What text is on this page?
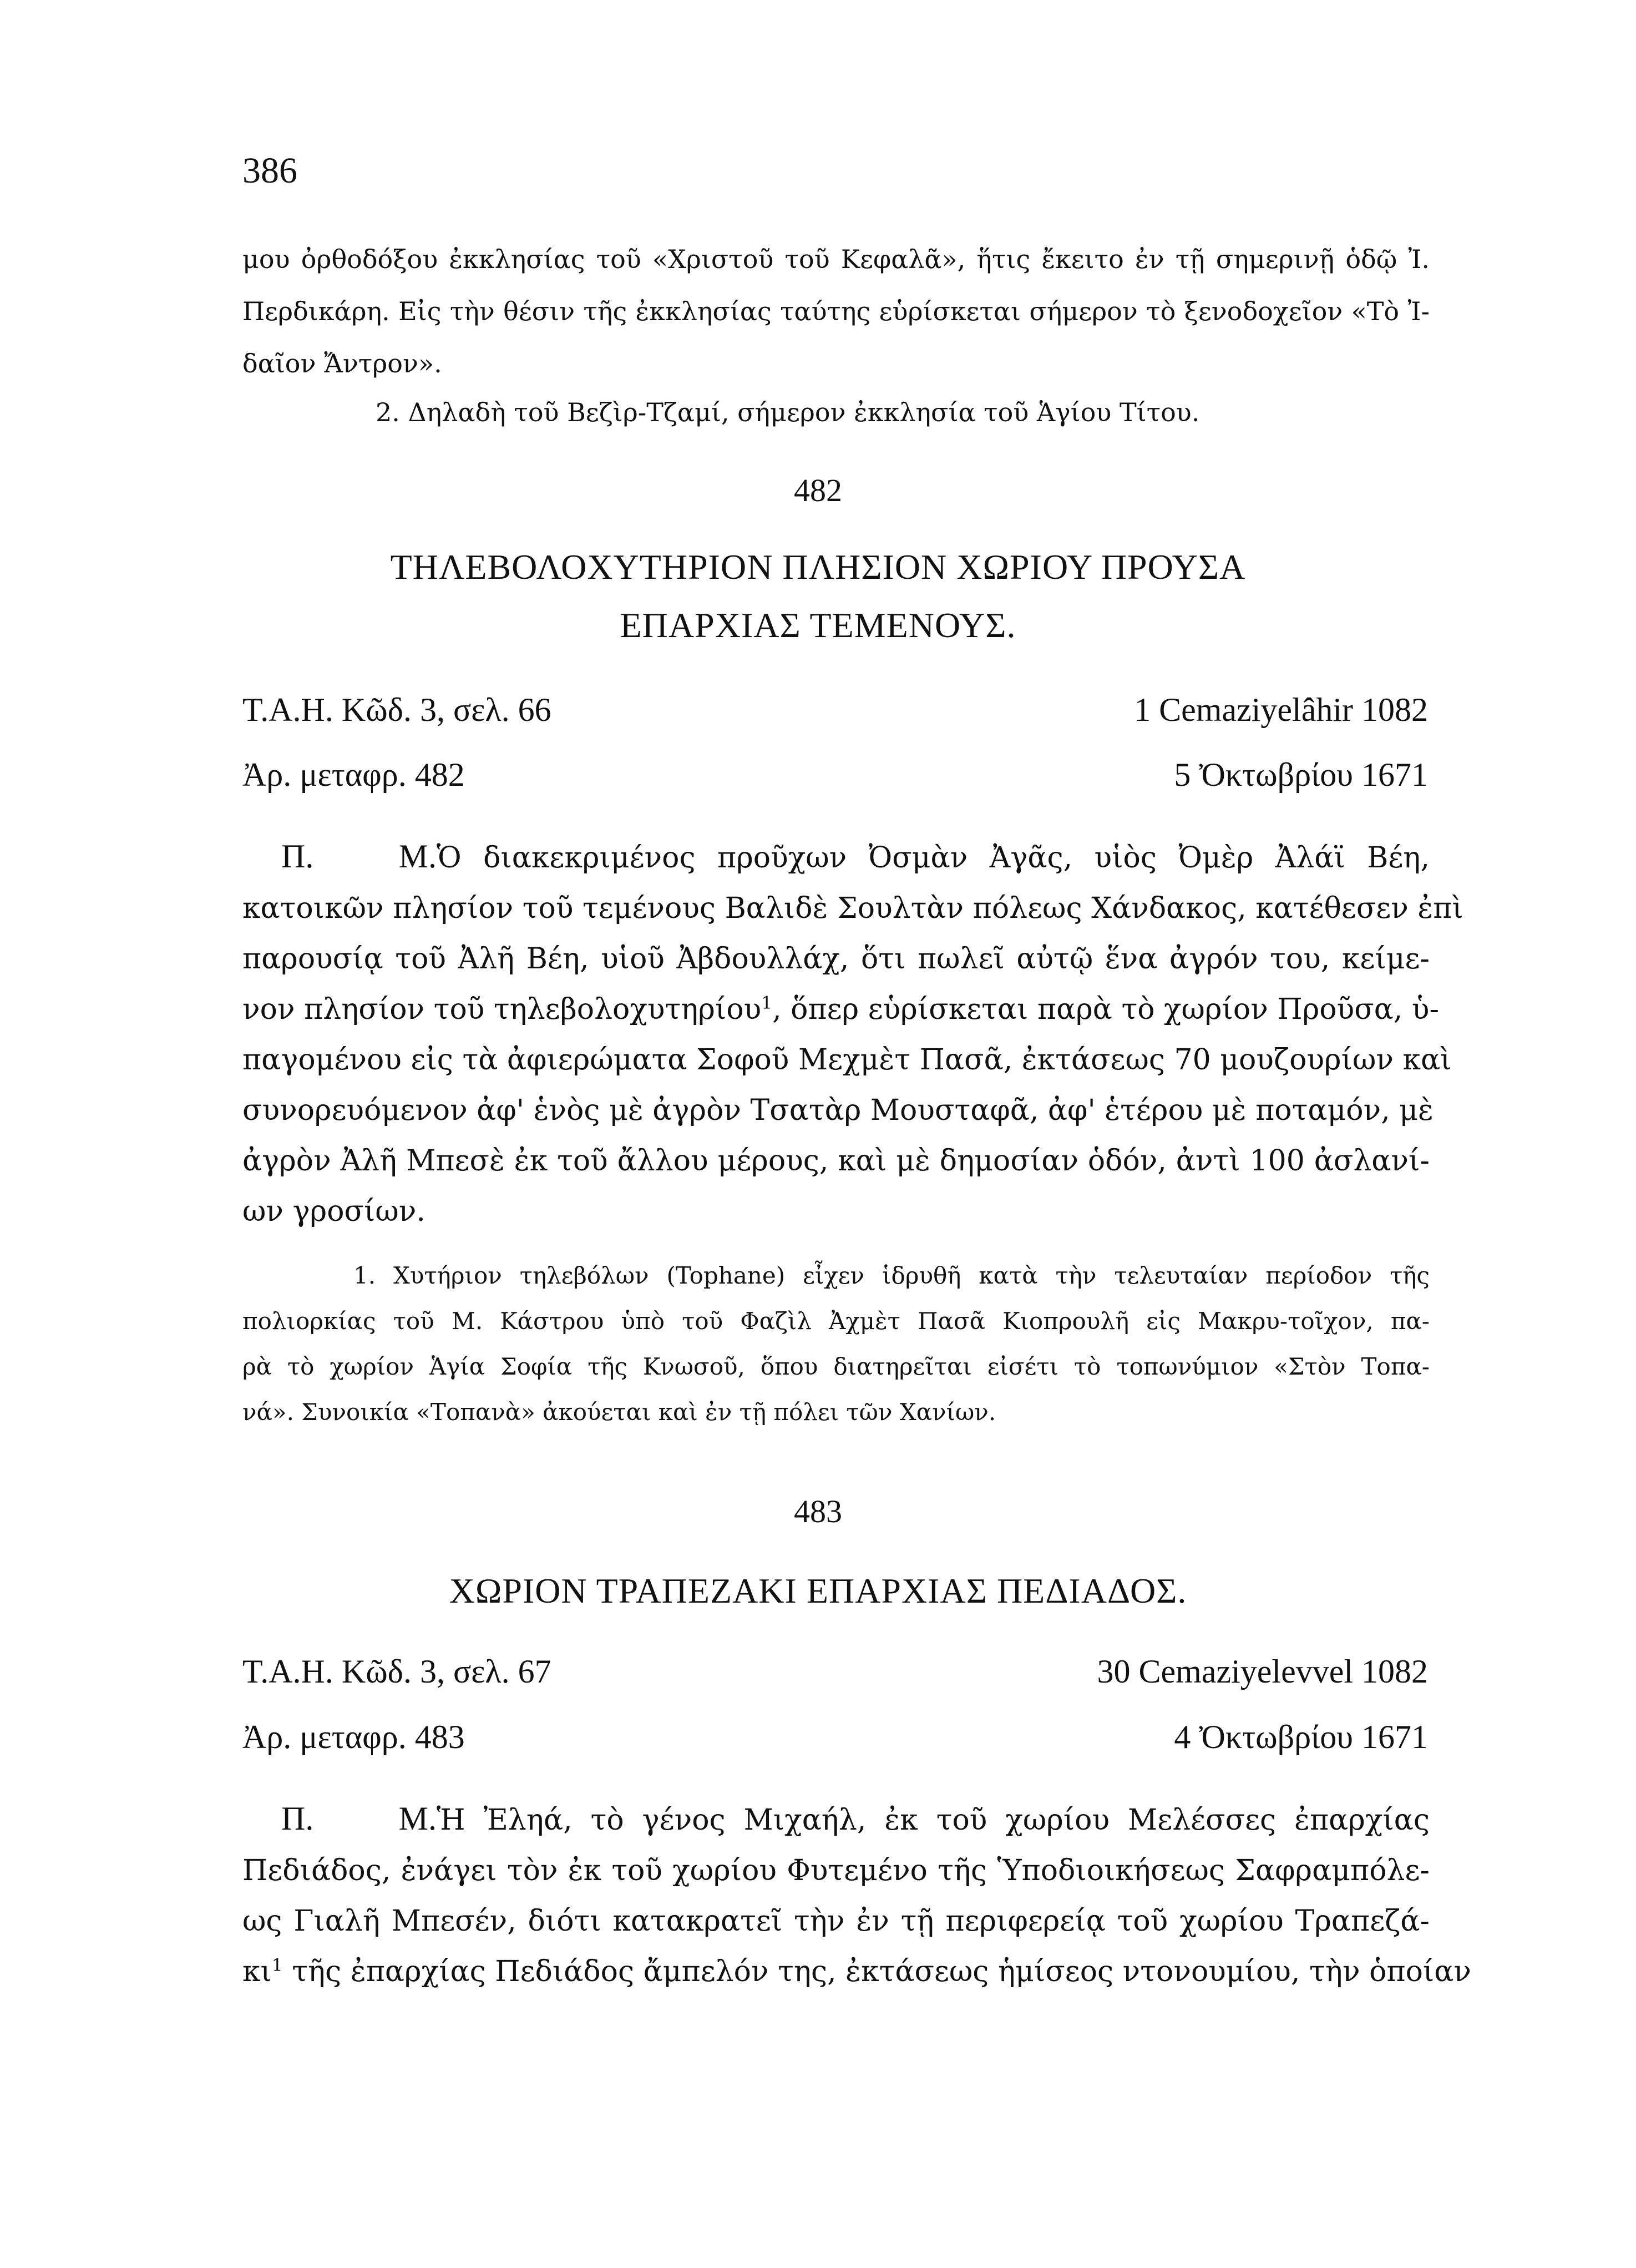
386
μου ὀρθοδόξου ἐκκλησίας τοῦ «Χριστοῦ τοῦ Κεφαλᾶ», ἥτις ἔκειτο ἐν τῇ σημερινῇ ὁδῷ Ἰ.
Περδικάρη. Εἰς τὴν θέσιν τῆς ἐκκλησίας ταύτης εὑρίσκεται σήμερον τὸ ξενοδοχεῖον «Τὸ Ἰ-
δαῖον Ἄντρον».
2. Δηλαδὴ τοῦ Βεζὶρ-Τζαμί, σήμερον ἐκκλησία τοῦ Ἁγίου Τίτου.
482
ΤΗΛΕΒΟΛΟΧΥΤΗΡΙΟΝ ΠΛΗΣΙΟΝ ΧΩΡΙΟΥ ΠΡΟΥΣΑ
ΕΠΑΡΧΙΑΣ ΤΕΜΕΝΟΥΣ.
Τ.Α.Η. Κῶδ. 3, σελ. 66	1 Cemaziyelâhir 1082
Ἀρ. μεταφρ. 482	5 Ὀκτωβρίου 1671
Π. Μ.Ὁ διακεκριμένος προῦχων Ὀσμὰν Ἀγᾶς, υἱὸς Ὀμὲρ Ἀλάϊ Βέη,
κατοικῶν πλησίον τοῦ τεμένους Βαλιδὲ Σουλτὰν πόλεως Χάνδακος, κατέθεσεν ἐπὶ
παρουσίᾳ τοῦ Ἀλῆ Βέη, υἱοῦ Ἀβδουλλάχ, ὅτι πωλεῖ αὐτῷ ἕνα ἀγρόν του, κείμε-
νον πλησίον τοῦ τηλεβολοχυτηρίου$^1$, ὅπερ εὑρίσκεται παρὰ τὸ χωρίον Προῦσα, ὑ-
παγομένου εἰς τὰ ἀφιερώματα Σοφοῦ Μεχμὲτ Πασᾶ, ἐκτάσεως 70 μουζουρίων καὶ
συνορευόμενον ἀφ' ἑνὸς μὲ ἀγρὸν Τσατὰρ Μουσταφᾶ, ἀφ' ἑτέρου μὲ ποταμόν, μὲ
ἀγρὸν Ἀλῆ Μπεσὲ ἐκ τοῦ ἄλλου μέρους, καὶ μὲ δημοσίαν ὁδόν, ἀντὶ 100 ἀσλανί-
ων γροσίων.
1. Χυτήριον τηλεβόλων (Tophane) εἶχεν ἱδρυθῆ κατὰ τὴν τελευταίαν περίοδον τῆς
πολιορκίας τοῦ Μ. Κάστρου ὑπὸ τοῦ Φαζὶλ Ἀχμὲτ Πασᾶ Κιοπρουλῆ εἰς Μακρυ-τοῖχον, πα-
ρὰ τὸ χωρίον Ἁγία Σοφία τῆς Κνωσοῦ, ὅπου διατηρεῖται εἰσέτι τὸ τοπωνύμιον «Στὸν Τοπα-
νά». Συνοικία «Τοπανὰ» ἀκούεται καὶ ἐν τῇ πόλει τῶν Χανίων.
483
ΧΩΡΙΟΝ ΤΡΑΠΕΖΑΚΙ ΕΠΑΡΧΙΑΣ ΠΕΔΙΑΔΟΣ.
Τ.Α.Η. Κῶδ. 3, σελ. 67	30 Cemaziyelevvel 1082
Ἀρ. μεταφρ. 483	4 Ὀκτωβρίου 1671
Π. Μ.Ἡ Ἐληά, τὸ γένος Μιχαήλ, ἐκ τοῦ χωρίου Μελέσσες ἐπαρχίας
Πεδιάδος, ἐνάγει τὸν ἐκ τοῦ χωρίου Φυτεμένο τῆς Ὑποδιοικήσεως Σαφραμπόλε-
ως Γιαλῆ Μπεσέν, διότι κατακρατεῖ τὴν ἐν τῇ περιφερείᾳ τοῦ χωρίου Τραπεζά-
$\kappa\iota^1$ τῆς ἐπαρχίας Πεδιάδος ἄμπελόν της, ἐκτάσεως ἡμίσεος ντονουμίου, τὴν ὁποίαν
